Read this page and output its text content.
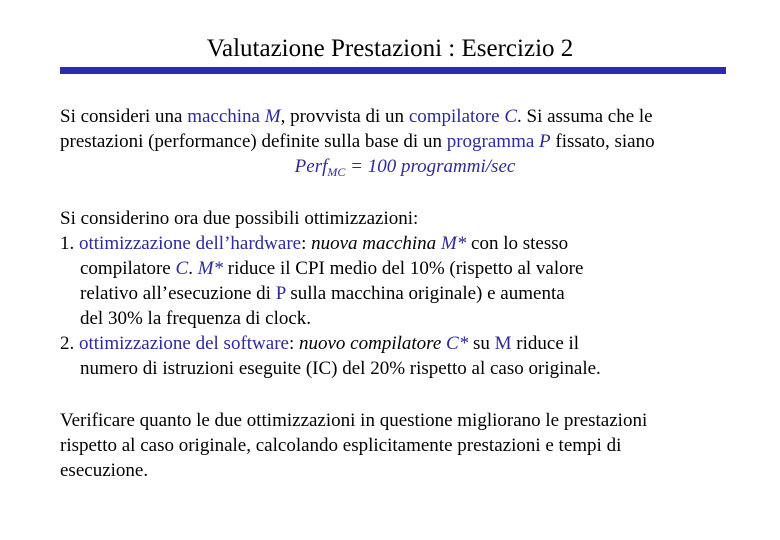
Valutazione Prestazioni : Esercizio 2
Si consideri una macchina M, provvista di un compilatore C. Si assuma che le
prestazioni (performance) definite sulla base di un programma P fissato, siano
Perf$_{MC}$ = 100 programmi/sec
Si considerino ora due possibili ottimizzazioni:
1. ottimizzazione dell’hardware: nuova macchina M* con lo stesso
compilatore C. M* riduce il CPI medio del 10% (rispetto al valore
relativo all’esecuzione di P sulla macchina originale) e aumenta
del 30% la frequenza di clock.
2. ottimizzazione del software: nuovo compilatore C* su M riduce il
numero di istruzioni eseguite (IC) del 20% rispetto al caso originale.
Verificare quanto le due ottimizzazioni in questione migliorano le prestazioni
rispetto al caso originale, calcolando esplicitamente prestazioni e tempi di
esecuzione.
